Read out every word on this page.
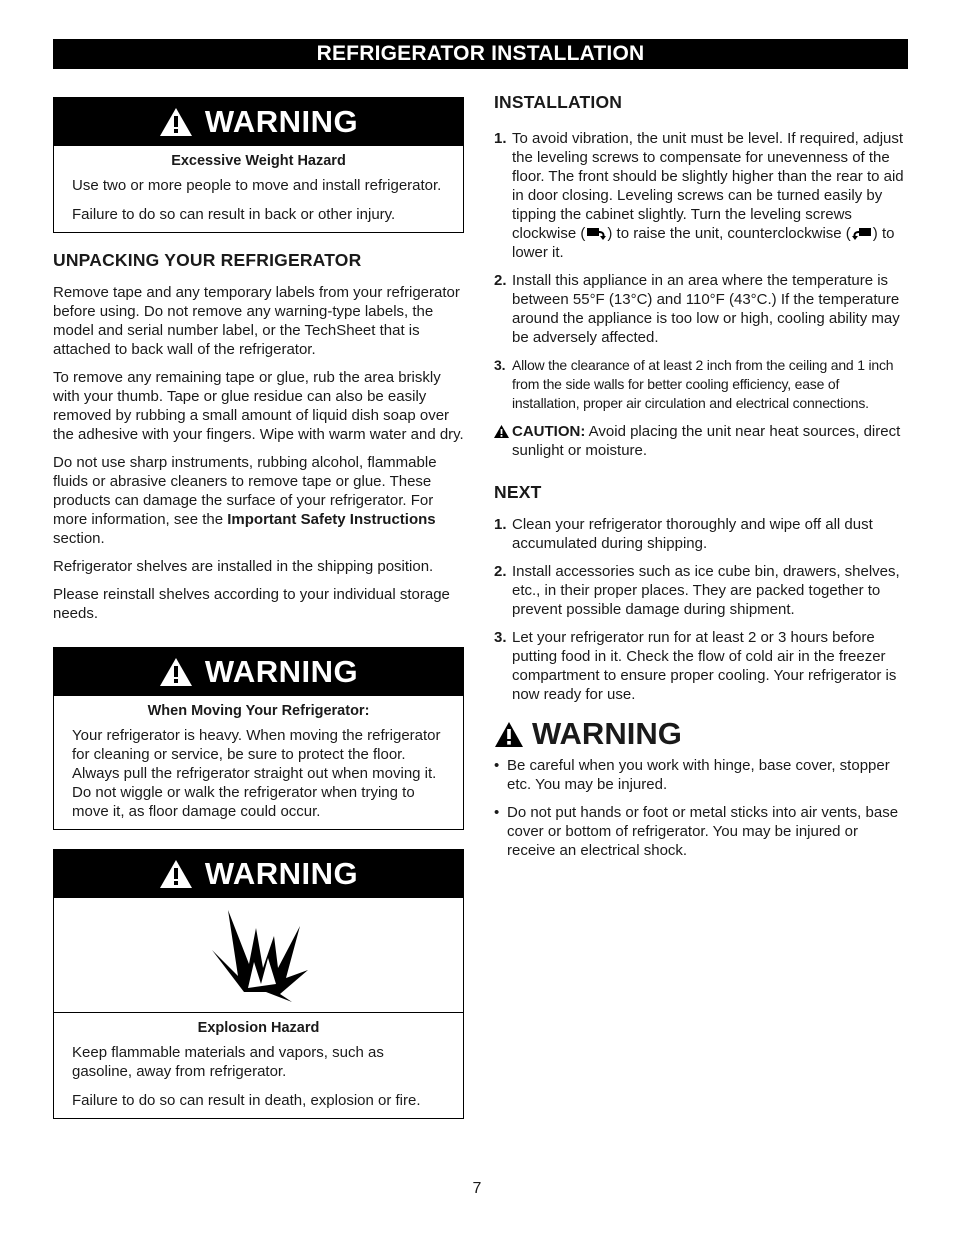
REFRIGERATOR INSTALLATION
WARNING
Excessive Weight Hazard

Use two or more people to move and install refrigerator.

Failure to do so can result in back or other injury.

UNPACKING YOUR REFRIGERATOR

Remove tape and any temporary labels from your refrigerator before using. Do not remove any warning-type labels, the model and serial number label, or the TechSheet that is attached to back wall of the refrigerator.

To remove any remaining tape or glue, rub the area briskly with your thumb. Tape or glue residue can also be easily removed by rubbing a small amount of liquid dish soap over the adhesive with your fingers. Wipe with warm water and dry.

Do not use sharp instruments, rubbing alcohol, flammable fluids or abrasive cleaners to remove tape or glue. These products can damage the surface of your refrigerator. For more information, see the Important Safety Instructions section.

Refrigerator shelves are installed in the shipping position.

Please reinstall shelves according to your individual storage needs.

WARNING
When Moving Your Refrigerator:

Your refrigerator is heavy. When moving the refrigerator for cleaning or service, be sure to protect the floor. Always pull the refrigerator straight out when moving it. Do not wiggle or walk the refrigerator when trying to move it, as floor damage could occur.

WARNING
Explosion Hazard

Keep flammable materials and vapors, such as gasoline, away from refrigerator.

Failure to do so can result in death, explosion or fire.

INSTALLATION
1. To avoid vibration, the unit must be level. If required, adjust the leveling screws to compensate for unevenness of the floor. The front should be slightly higher than the rear to aid in door closing. Leveling screws can be turned easily by tipping the cabinet slightly. Turn the leveling screws clockwise ( ) to raise the unit, counterclockwise ( ) to lower it.
2. Install this appliance in an area where the temperature is between 55°F (13°C) and 110°F (43°C.) If the temperature around the appliance is too low or high, cooling ability may be adversely affected.
3. Allow the clearance of at least 2 inch from the ceiling and 1 inch from the side walls for better cooling efficiency, ease of installation, proper air circulation and electrical connections.
CAUTION: Avoid placing the unit near heat sources, direct sunlight or moisture.
NEXT
1. Clean your refrigerator thoroughly and wipe off all dust accumulated during shipping.
2. Install accessories such as ice cube bin, drawers, shelves, etc., in their proper places. They are packed together to prevent possible damage during shipment.
3. Let your refrigerator run for at least 2 or 3 hours before putting food in it. Check the flow of cold air in the freezer compartment to ensure proper cooling. Your refrigerator is now ready for use.
WARNING
• Be careful when you work with hinge, base cover, stopper etc. You may be injured.
• Do not put hands or foot or metal sticks into air vents, base cover or bottom of refrigerator. You may be injured or receive an electrical shock.
7
